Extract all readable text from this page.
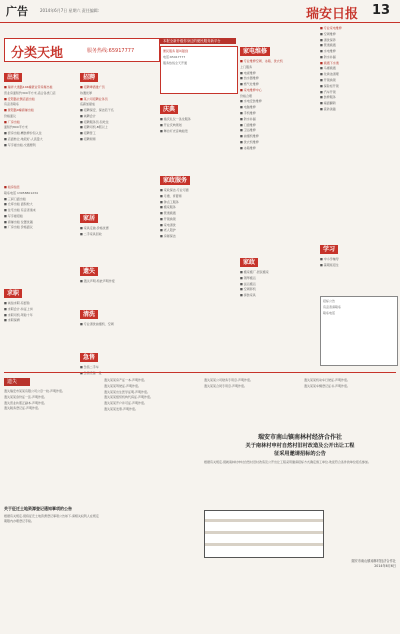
广告	2014年6月7日 星期六 责任编辑:	瑞安日报 13
分类天地	服务热线:65917777
出租
■ 瑞祥大道路104幢蒙业带房屋出租
营业房面积约300平方米,适合各类门店
■ 安阳路北侧店面出租
有意者联系
■ 蒙阳路9幢商铺出租
价格面议
■ 厂房出租
面积约800平方米
■ 套房出租,精装修拎包入住
■ 店面转让,地段好,人流量大
■ 写字楼出租,交通便利
■ 租房信息
联系电话 13958801234
■ 三间门面出租
■ 仓库出租 面积较大
■ 住宅出租 有意者速来
■ 写字楼招租
■ 商铺出租 位置优越
■ 厂房出租 价格面议
求职
■ 诚信求职,有经验
■ 求职会计,持证上岗
■ 求职司机,驾龄十年
■ 求职保姆
招聘
■ 招聘啤酒推广员
待遇优厚
■ 某公司招聘业务员
底薪加提成
■ 招聘保安、保洁若干名
■ 诚聘会计
■ 招聘服务员,包吃住
■ 招聘司机,B照以上
■ 招聘普工
■ 招聘厨师
家居
■ 家具定做,价格优惠
■ 二手家具回收
遗失
■ 遗失声明,特此声明作废
清洗
■ 专业清洗油烟机、空调
急售
■ 急售二手车
本报全新升级你身边的便民服务新平台
便民服务 随叫随到
电话:65917777
服务热线全天开通
庆典
■ 婚庆礼仪一条龙服务
■ 开业庆典策划
■ 舞台灯光音响租赁
家政服务
■ 家政保洁,专业可靠
■ 月嫂、育婴师
■ 钟点工服务
■ 搬家服务
■ 管道疏通
■ 开锁换锁
■ 家电清洗
■ 老人陪护
■ 房屋保洁
家电维修
■ 专业维修空调、冰箱、洗衣机
上门服务
■ 电视维修
■ 热水器维修
■ 燃气灶维修
■ 家电维修中心
价格合理
■ 水电安装维修
■ 电脑维修
■ 手机维修
■ 防水补漏
■ 门窗维修
■ 卫浴维修
■ 油烟机维修
■ 洗衣机维修
■ 冰箱维修
家政
■ 搬家搬厂,居民搬家
■ 钢琴搬运
■ 货运搬运
■ 空调移机
■ 拆装家具
■ 专业家电维修
■ 空调维修
■ 清洗保养
■ 管道疏通
■ 水电维修
■ 防水补漏
■ 疏通下水道
■ 马桶疏通
■ 化粪池清理
■ 开锁换锁
■ 保险柜开锁
■ 汽车开锁
■ 装修服务
■ 墙面翻新
■ 瓷砖美缝
学习
■ 中小学辅导
■ 暑期班招生
招标公告
有意者请联系
联系电话
遗失
遗失瑞安市某某有限公司公章一枚,声明作废。
遗失某某身份证一张,声明作废。
遗失营业执照正副本,声明作废。
遗失税务登记证,声明作废。
关于征迁土地资源登记通知事项的公告
根据有关规定,现将征迁土地资源登记事项公告如下,请相关权利人在规定期限内办理登记手续。
遗失某某房产证一本,声明作废。
遗失某某驾驶证,声明作废。
遗失某某出生医学证明,声明作废。
遗失某某组织机构代码证,声明作废。
遗失某某开户许可证,声明作废。
遗失某某发票,声明作废。
遗失某某公司财务专用章,声明作废。
遗失某某合同专用章,声明作废。
遗失某某机动车行驶证,声明作废。
遗失某某车辆登记证书,声明作废。
瑞安市南山镇南林村经济合作社
关于南林村申村自然村旧村改造及公开出让工程
征采用邀请招标的公告
根据有关规定,现就南林村申村自然村旧村改造及公开出让工程采用邀请招标方式确定施工单位,欢迎符合条件的单位报名参加。
瑞安市南山镇南林村经济合作社
2014年6月6日
